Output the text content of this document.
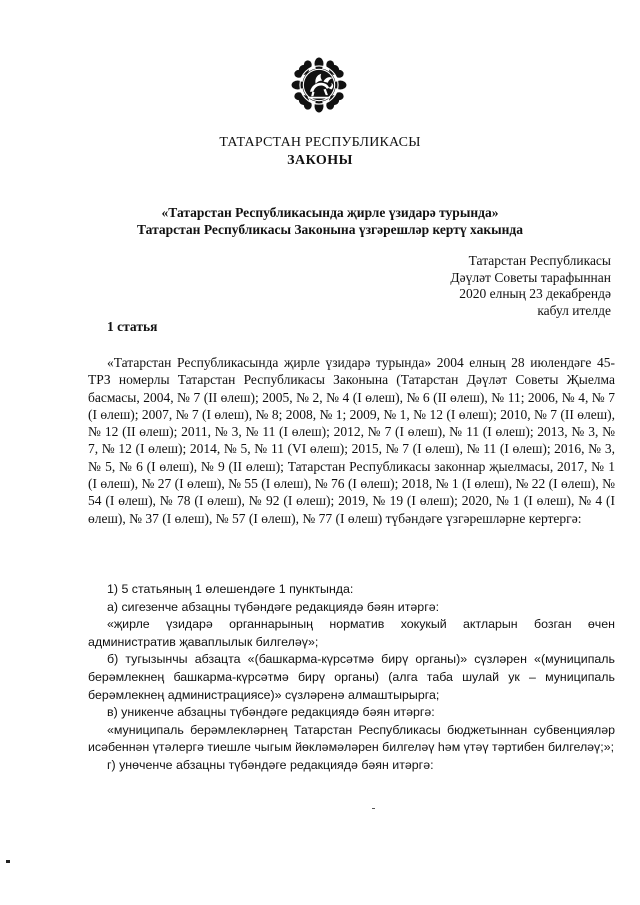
ТАТАРСТАН РЕСПУБЛИКАСЫ
ЗАКОНЫ
«Татарстан Республикасында җирле үзидарә турында»
Татарстан Республикасы Законына үзгәрешләр кертү хакында
Татарстан Республикасы
Дәүләт Советы тарафыннан
2020 елның 23 декабрендә
кабул ителде
1 статья
«Татарстан Республикасында җирле үзидарә турында» 2004 елның 28 июлендәге 45-ТРЗ номерлы Татарстан Республикасы Законына (Татарстан Дәүләт Советы Җыелма басмасы, 2004, № 7 (II өлеш); 2005, № 2, № 4 (I өлеш), № 6 (II өлеш), № 11; 2006, № 4, № 7 (I өлеш); 2007, № 7 (I өлеш), № 8; 2008, № 1; 2009, № 1, № 12 (I өлеш); 2010, № 7 (II өлеш), № 12 (II өлеш); 2011, № 3, № 11 (I өлеш); 2012, № 7 (I өлеш), № 11 (I өлеш); 2013, № 3, № 7, № 12 (I өлеш); 2014, № 5, № 11 (VI өлеш); 2015, № 7 (I өлеш), № 11 (I өлеш); 2016, № 3, № 5, № 6 (I өлеш), № 9 (II өлеш); Татарстан Республикасы законнар җыелмасы, 2017, № 1 (I өлеш), № 27 (I өлеш), № 55 (I өлеш), № 76 (I өлеш); 2018, № 1 (I өлеш), № 22 (I өлеш), № 54 (I өлеш), № 78 (I өлеш), № 92 (I өлеш); 2019, № 19 (I өлеш); 2020, № 1 (I өлеш), № 4 (I өлеш), № 37 (I өлеш), № 57 (I өлеш), № 77 (I өлеш) түбәндәге үзгәрешләрне кертергә:

1) 5 статьяның 1 өлешендәге 1 пунктында:

а) сигезенче абзацны түбәндәге редакциядә бәян итәргә:

«җирле үзидарә органнарының норматив хокукый актларын бозган өчен административ җаваплылык билгеләү»;

б) тугызынчы абзацта «(башкарма-күрсәтмә бирү органы)» сүзләрен «(муниципаль берәмлекнең башкарма-күрсәтмә бирү органы) (алга таба шулай ук – муниципаль берәмлекнең администрациясе)» сүзләренә алмаштырырга;

в) уникенче абзацны түбәндәге редакциядә бәян итәргә:

«муниципаль берәмлекләрнең Татарстан Республикасы бюджетыннан субвенцияләр исәбеннән үтәлергә тиешле чыгым йөкләмәләрен билгеләү һәм үтәү тәртибен билгеләү;»;

г) унөченче абзацны түбәндәге редакциядә бәян итәргә:
